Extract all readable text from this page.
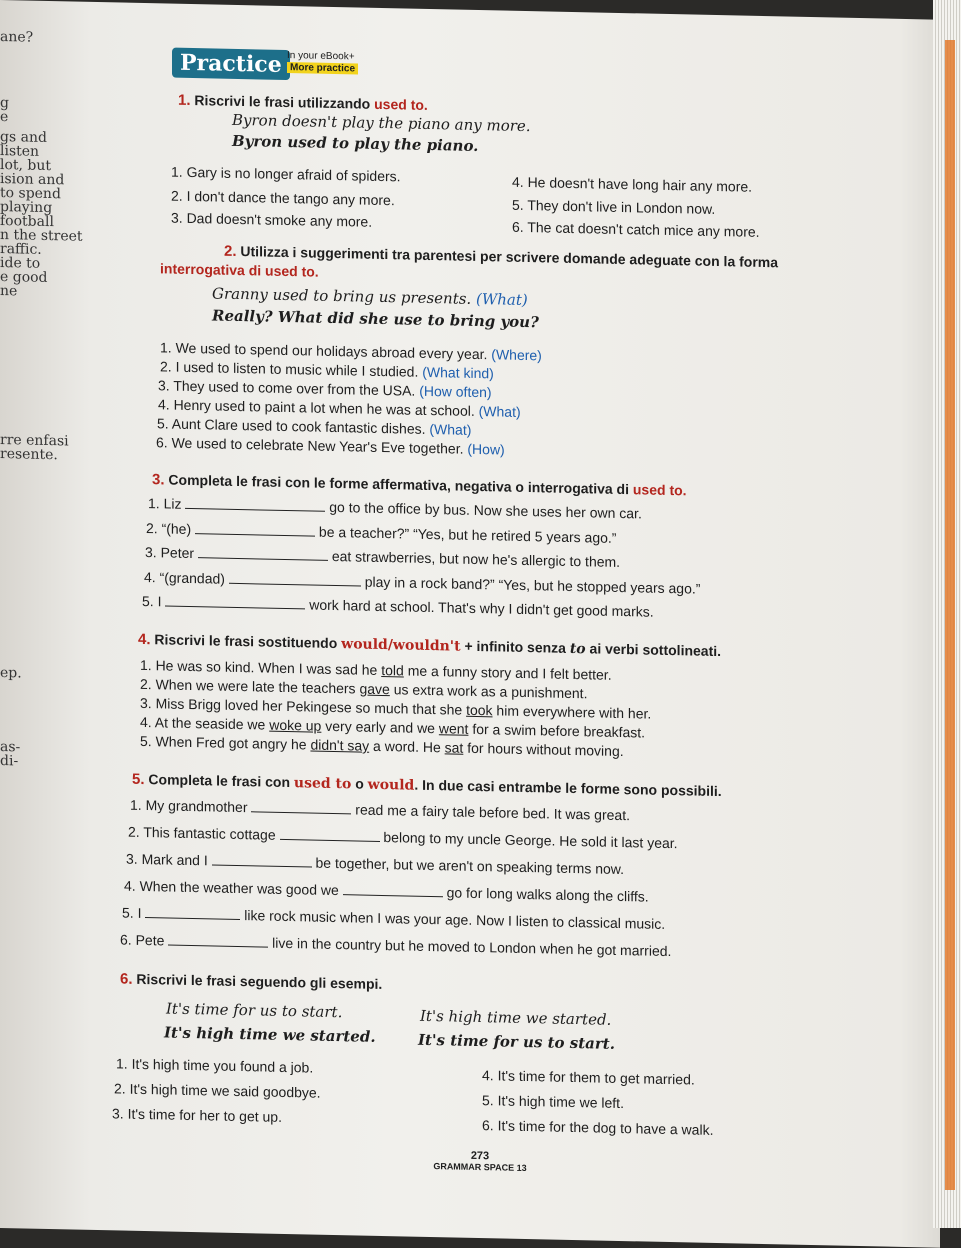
ane?
g
e
gs and
listen
lot, but
ision and
to spend
playing
football
n the street
raffic.
ide to
e good
ne
rre enfasi
resente.
ep.
as-
di-
Practice In your eBook+
More practice
1. Riscrivi le frasi utilizzando used to.
Byron doesn't play the piano any more.
Byron used to play the piano.
1. Gary is no longer afraid of spiders.
2. I don't dance the tango any more.
3. Dad doesn't smoke any more.
4. He doesn't have long hair any more.
5. They don't live in London now.
6. The cat doesn't catch mice any more.
2. Utilizza i suggerimenti tra parentesi per scrivere domande adeguate con la forma
interrogativa di used to.
Granny used to bring us presents. (What)
Really? What did she use to bring you?
1. We used to spend our holidays abroad every year. (Where)
2. I used to listen to music while I studied. (What kind)
3. They used to come over from the USA. (How often)
4. Henry used to paint a lot when he was at school. (What)
5. Aunt Clare used to cook fantastic dishes. (What)
6. We used to celebrate New Year's Eve together. (How)
3. Completa le frasi con le forme affermativa, negativa o interrogativa di used to.
1. Liz	go to the office by bus. Now she uses her own car.
2. “(he)	be a teacher?” “Yes, but he retired 5 years ago.”
3. Peter	eat strawberries, but now he's allergic to them.
4. “(grandad)	play in a rock band?” “Yes, but he stopped years ago.”
5. I	work hard at school. That's why I didn't get good marks.
4. Riscrivi le frasi sostituendo would/wouldn't + infinito senza to ai verbi sottolineati.
1. He was so kind. When I was sad he told me a funny story and I felt better.
2. When we were late the teachers gave us extra work as a punishment.
3. Miss Brigg loved her Pekingese so much that she took him everywhere with her.
4. At the seaside we woke up very early and we went for a swim before breakfast.
5. When Fred got angry he didn't say a word. He sat for hours without moving.
5. Completa le frasi con used to o would. In due casi entrambe le forme sono possibili.
1. My grandmother	read me a fairy tale before bed. It was great.
2. This fantastic cottage	belong to my uncle George. He sold it last year.
3. Mark and I	be together, but we aren't on speaking terms now.
4. When the weather was good we	go for long walks along the cliffs.
5. I	like rock music when I was your age. Now I listen to classical music.
6. Pete	live in the country but he moved to London when he got married.
6. Riscrivi le frasi seguendo gli esempi.
It's time for us to start.	It's high time we started.
It's high time we started.	It's time for us to start.
1. It's high time you found a job.
2. It's high time we said goodbye.
3. It's time for her to get up.
4. It's time for them to get married.
5. It's high time we left.
6. It's time for the dog to have a walk.
273
GRAMMAR SPACE 13
